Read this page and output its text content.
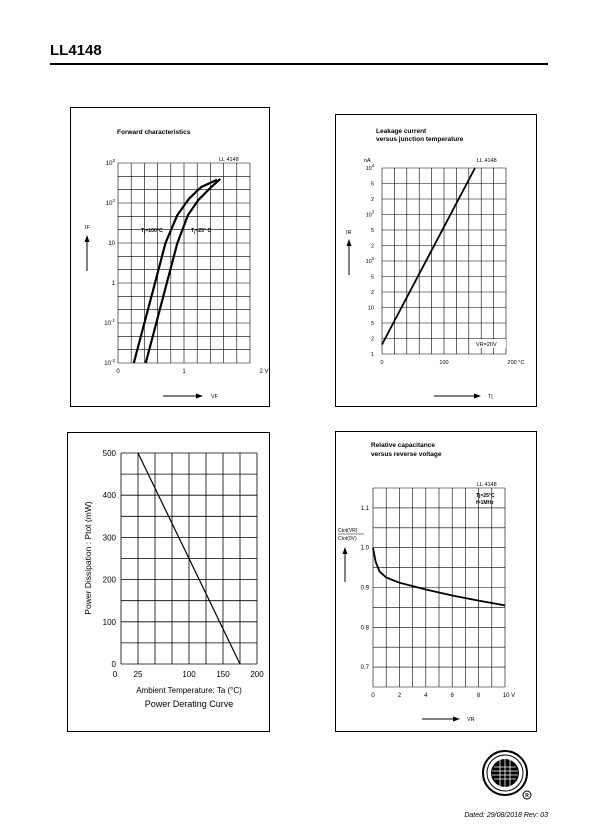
LL4148
Forward characteristics
LL 4148
$10^3$
$10^2$
10
1
$10^{-1}$
$10^{-2}$
0	1	2 V
$T_j=100^\circ C$	$T_j=25^\circ$ C
IF
VF
Leakage current
versus junction temperature
LL 4148
nA
$10^4$
5
2
$10^3$
5
2
$10^2$
5
2
10
5
2
1
0	100	200 °C
VR=20V
IR
Tj
500
400
300
200
100
0
0 25	100	150	200
Ambient Temperature: Ta (°C)
Power Derating Curve
Power Dissipation : Ptot (mW)
Relative capacitance
versus reverse voltage
LL 4148
Tj=25°C
f=1MHz
1.1
1.0
0.9
0.8
0.7
0	2	4	6	8	10 V
Ctot(VR)
Ctot(0V)
VR
R
Dated: 29/08/2018 Rev: 03
